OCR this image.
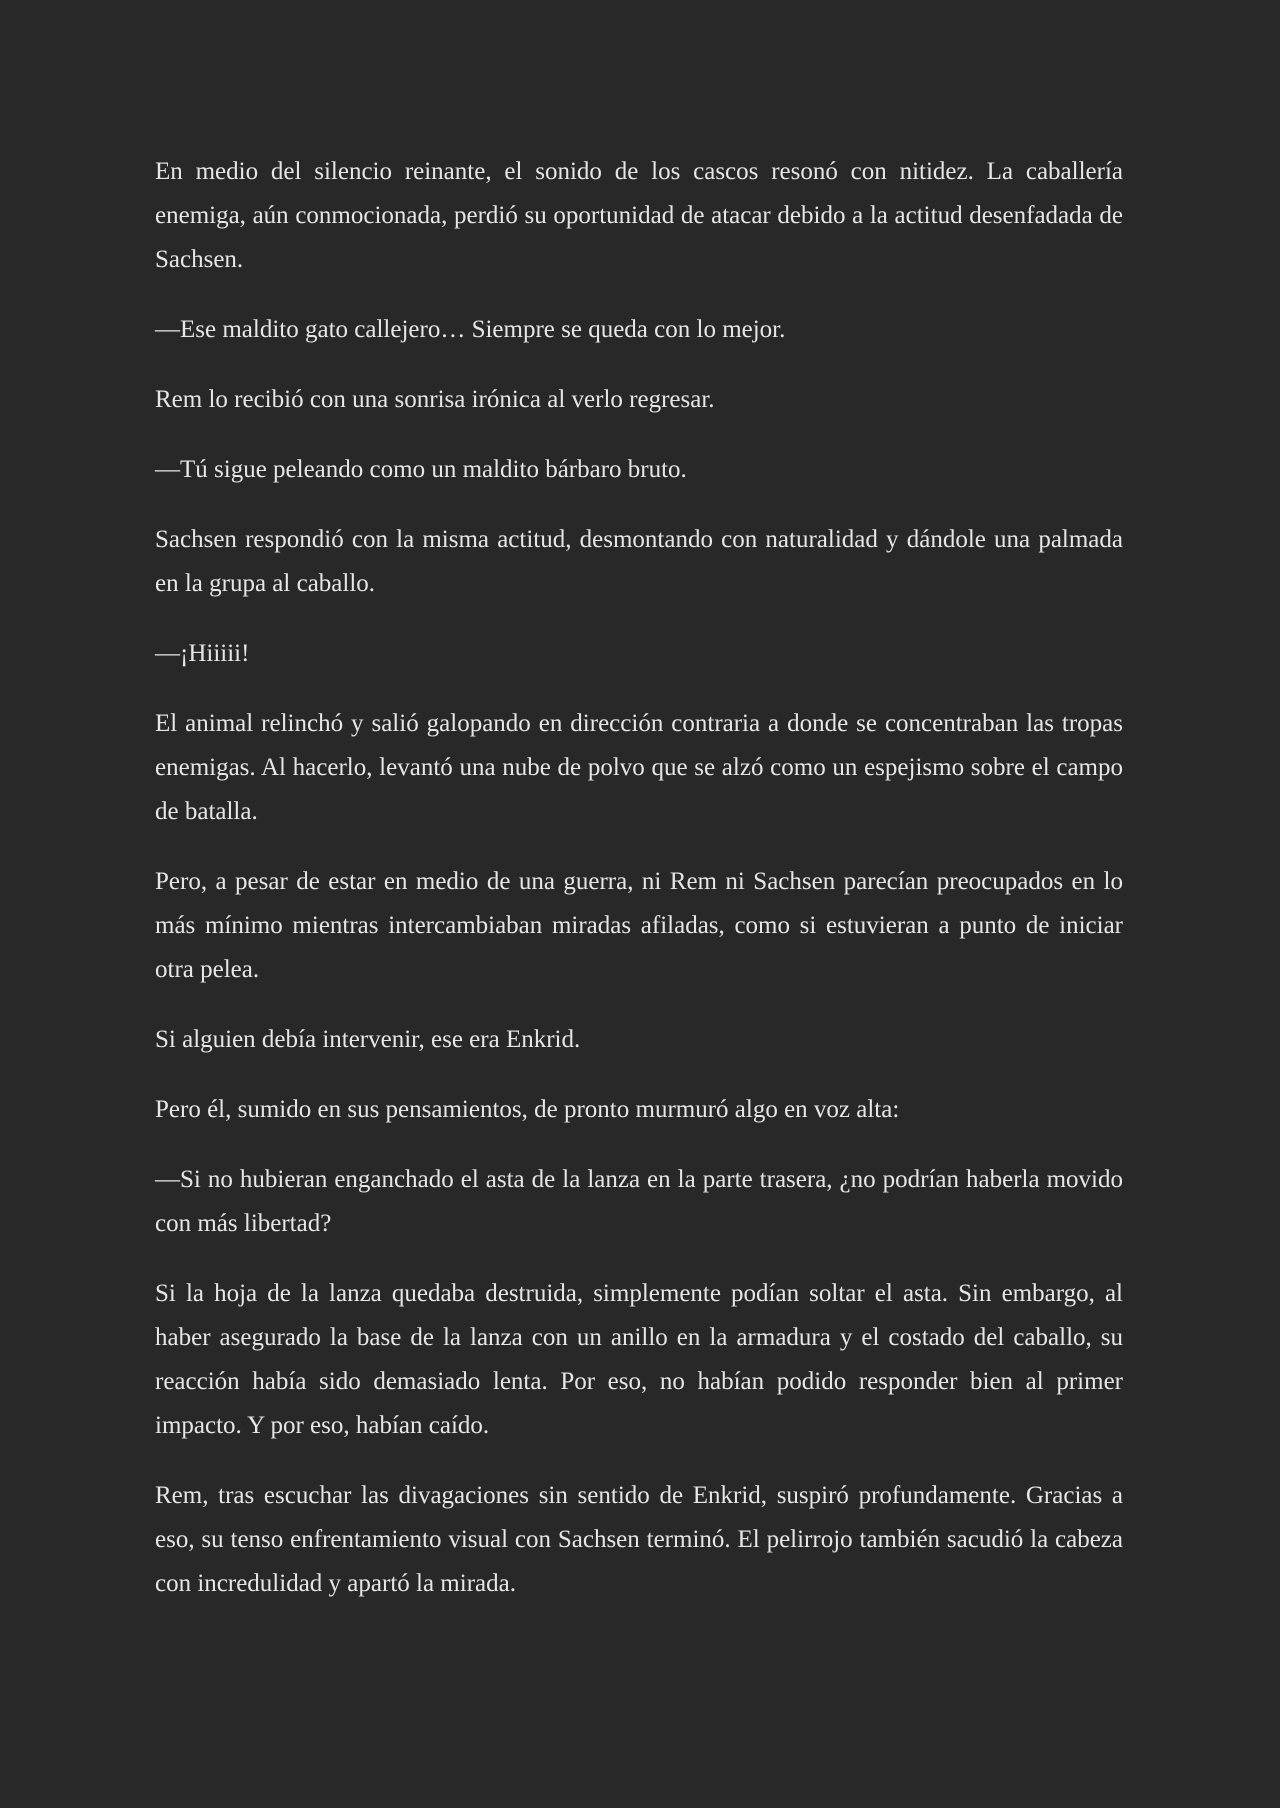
En medio del silencio reinante, el sonido de los cascos resonó con nitidez. La caballería enemiga, aún conmocionada, perdió su oportunidad de atacar debido a la actitud desenfadada de Sachsen.

—Ese maldito gato callejero… Siempre se queda con lo mejor.

Rem lo recibió con una sonrisa irónica al verlo regresar.

—Tú sigue peleando como un maldito bárbaro bruto.

Sachsen respondió con la misma actitud, desmontando con naturalidad y dándole una palmada en la grupa al caballo.

—¡Hiiiii!

El animal relinchó y salió galopando en dirección contraria a donde se concentraban las tropas enemigas. Al hacerlo, levantó una nube de polvo que se alzó como un espejismo sobre el campo de batalla.

Pero, a pesar de estar en medio de una guerra, ni Rem ni Sachsen parecían preocupados en lo más mínimo mientras intercambiaban miradas afiladas, como si estuvieran a punto de iniciar otra pelea.

Si alguien debía intervenir, ese era Enkrid.

Pero él, sumido en sus pensamientos, de pronto murmuró algo en voz alta:

—Si no hubieran enganchado el asta de la lanza en la parte trasera, ¿no podrían haberla movido con más libertad?

Si la hoja de la lanza quedaba destruida, simplemente podían soltar el asta. Sin embargo, al haber asegurado la base de la lanza con un anillo en la armadura y el costado del caballo, su reacción había sido demasiado lenta. Por eso, no habían podido responder bien al primer impacto. Y por eso, habían caído.

Rem, tras escuchar las divagaciones sin sentido de Enkrid, suspiró profundamente. Gracias a eso, su tenso enfrentamiento visual con Sachsen terminó. El pelirrojo también sacudió la cabeza con incredulidad y apartó la mirada.
